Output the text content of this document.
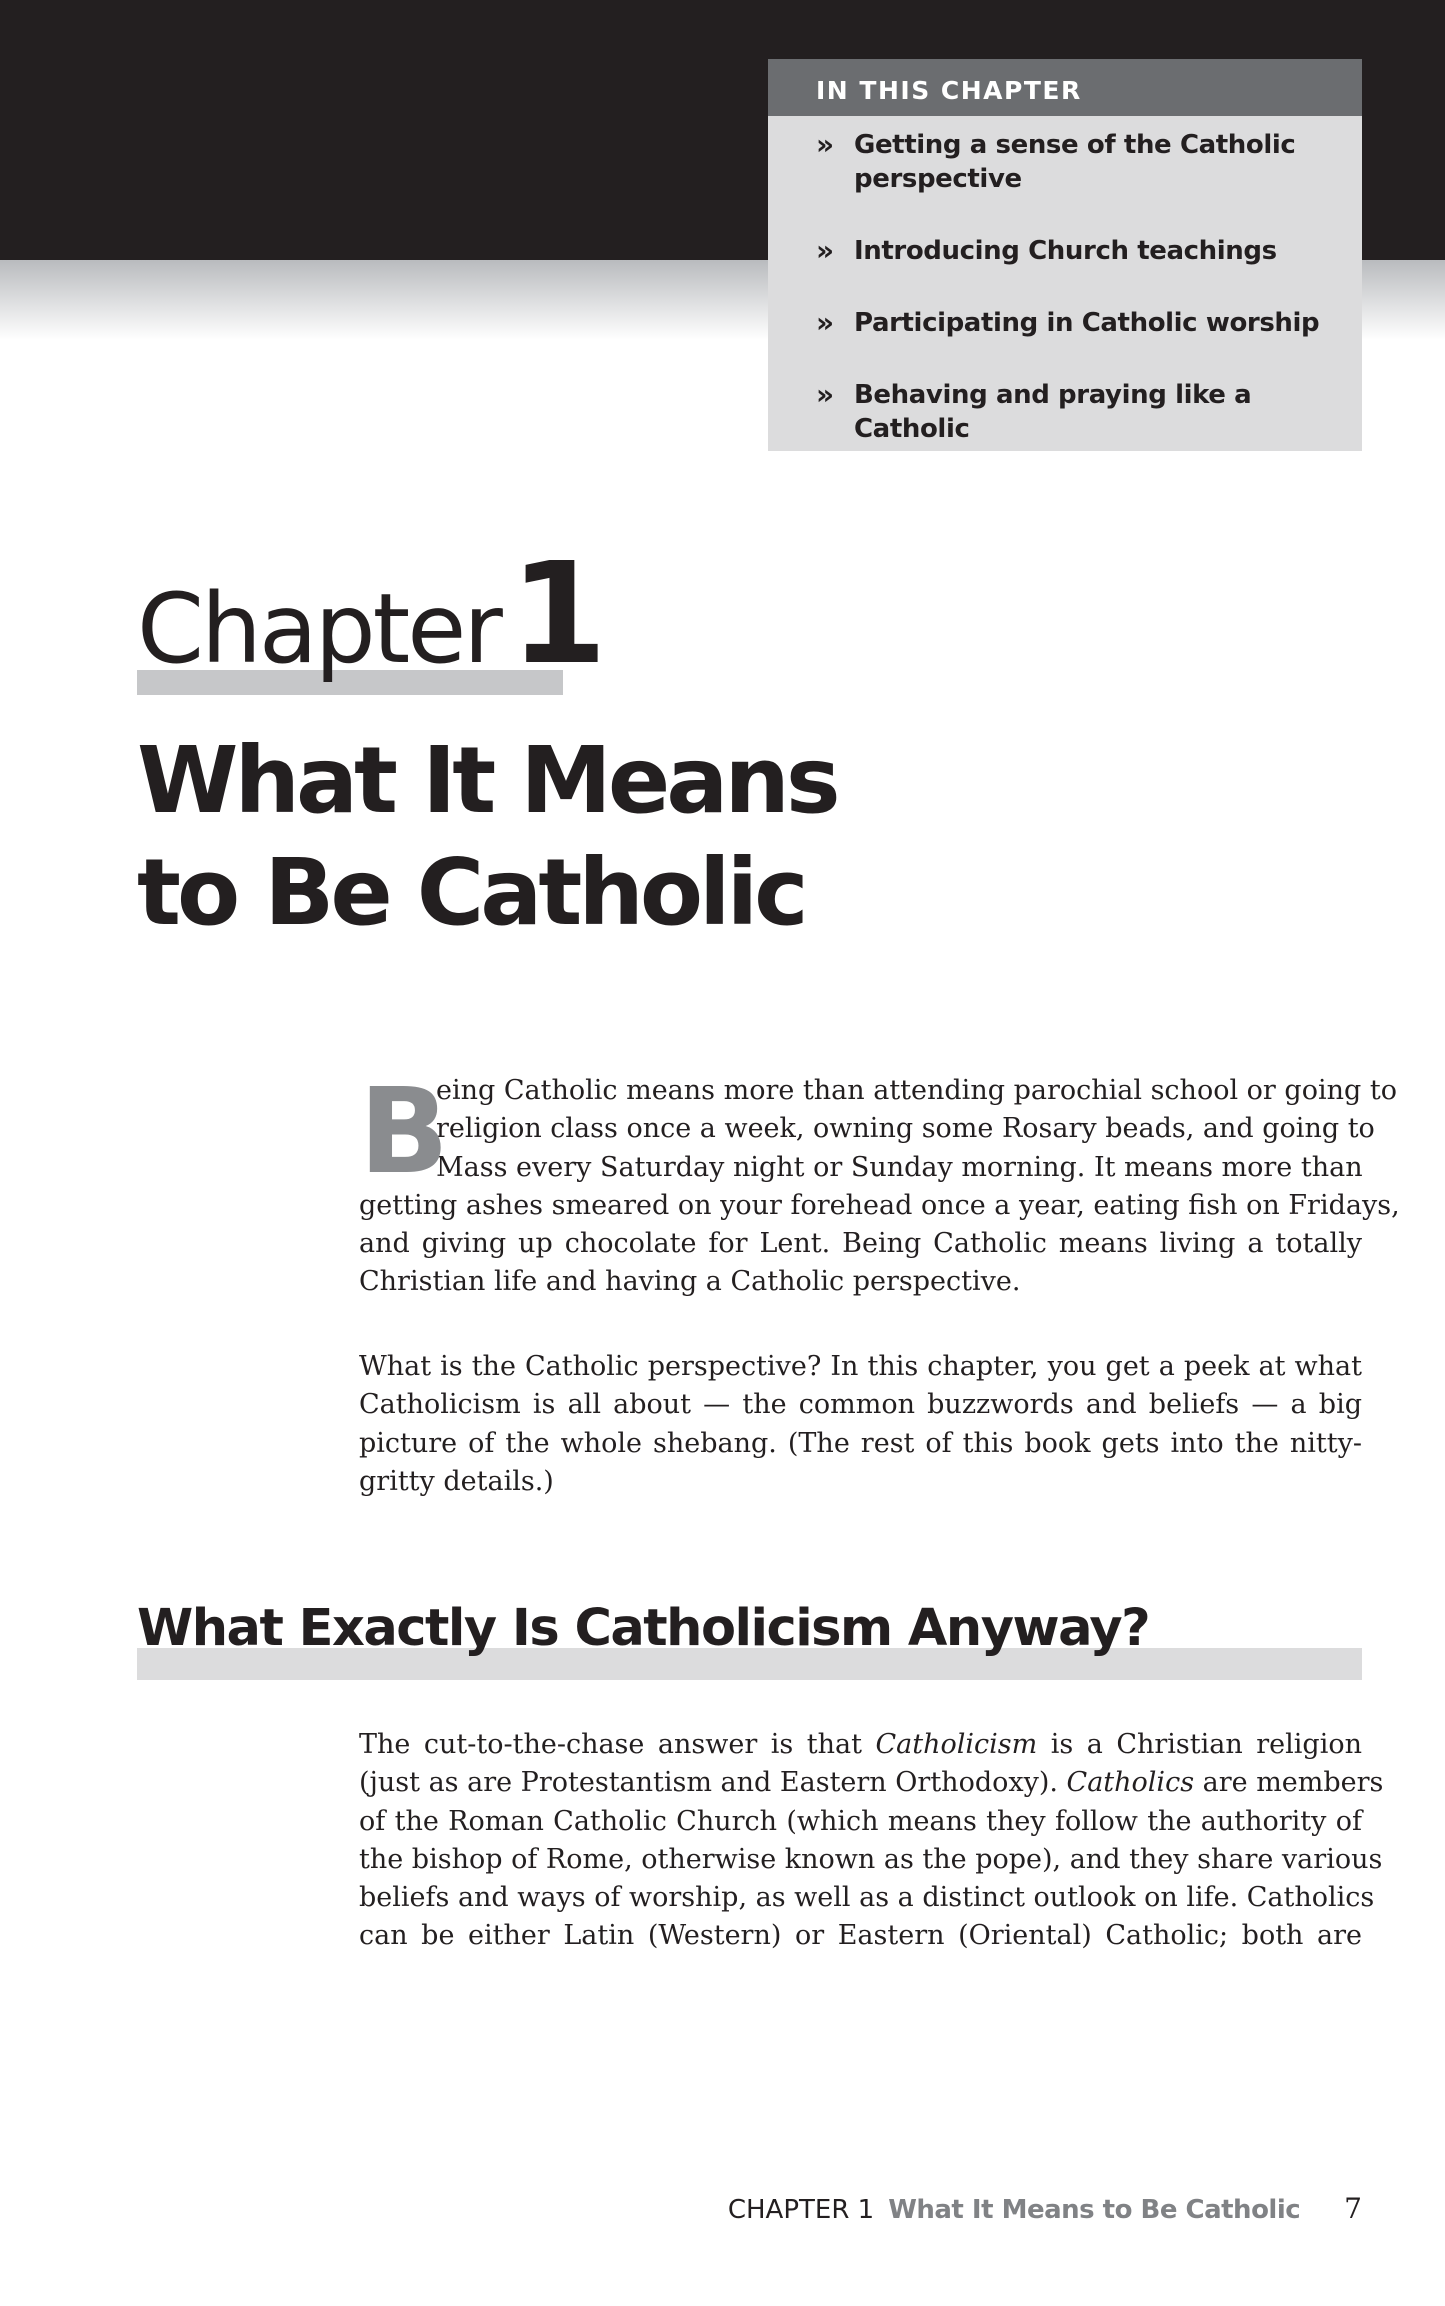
IN THIS CHAPTER
» Getting a sense of the Catholic
perspective
» Introducing Church teachings
» Participating in Catholic worship
» Behaving and praying like a Catholic
Chapter1
What It Means
to Be Catholic
B
eing Catholic means more than attending parochial school or going to
religion class once a week, owning some Rosary beads, and going to
Mass every Saturday night or Sunday morning. It means more than
getting ashes smeared on your forehead once a year, eating fish on Fridays,
and giving up chocolate for Lent. Being Catholic means living a totally
Christian life and having a Catholic perspective.
What is the Catholic perspective? In this chapter, you get a peek at what
Catholicism is all about — the common buzzwords and beliefs — a big
picture of the whole shebang. (The rest of this book gets into the nitty-
gritty details.)
What Exactly Is Catholicism Anyway?
The cut-to-the-chase answer is that Catholicism is a Christian religion
(just as are Protestantism and Eastern Orthodoxy). Catholics are members
of the Roman Catholic Church (which means they follow the authority of
the bishop of Rome, otherwise known as the pope), and they share various
beliefs and ways of worship, as well as a distinct outlook on life. Catholics
can be either Latin (Western) or Eastern (Oriental) Catholic; both are
CHAPTER 1 What It Means to Be Catholic 7
